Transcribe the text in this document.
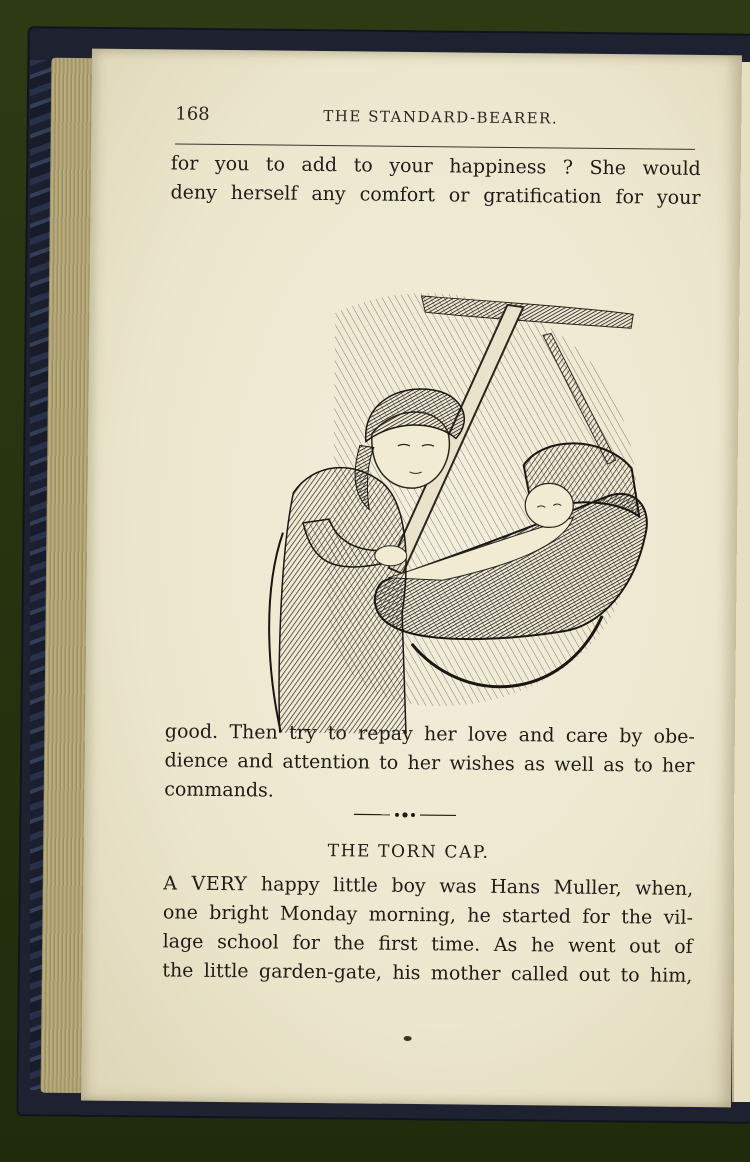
168	THE STANDARD-BEARER.
for you to add to your happiness ? She would
deny herself any comfort or gratification for your
good. Then try to repay her love and care by obe-
dience and attention to her wishes as well as to her
commands.
THE TORN CAP.
A VERY happy little boy was Hans Muller, when,
one bright Monday morning, he started for the vil-
lage school for the first time. As he went out of
the little garden-gate, his mother called out to him,
